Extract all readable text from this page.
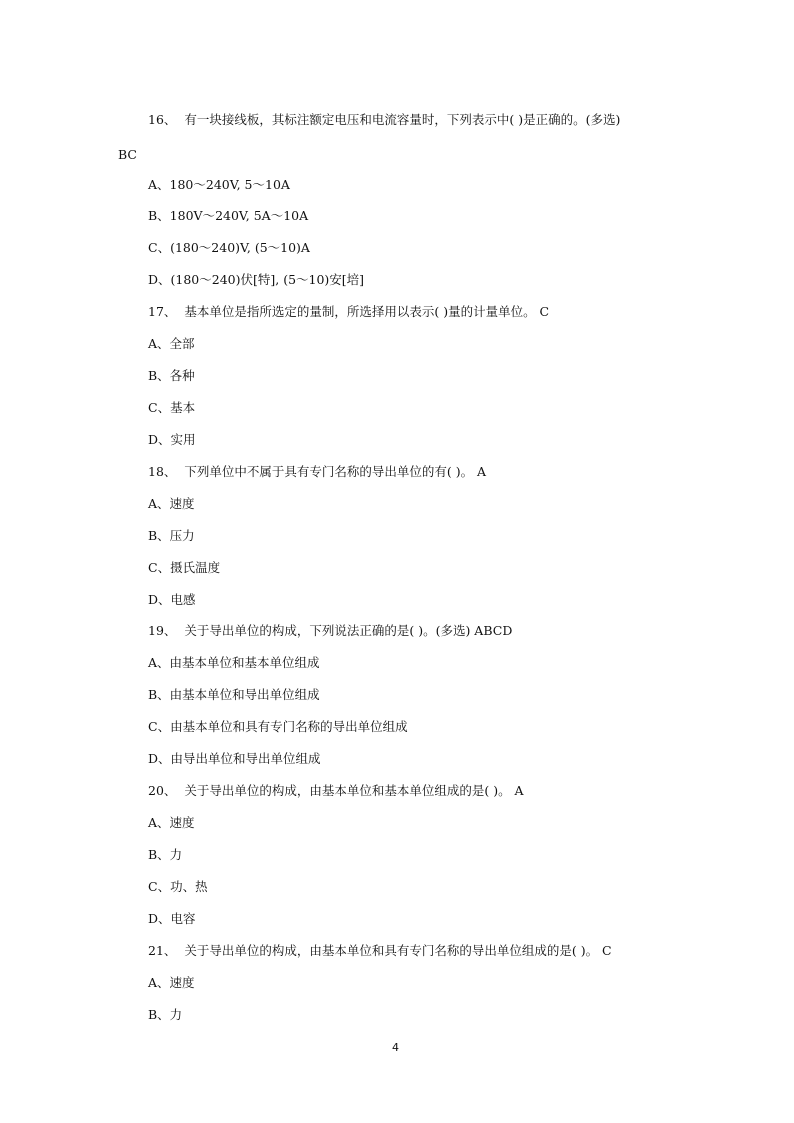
16、  有一块接线板，其标注额定电压和电流容量时，下列表示中( )是正确的。(多选)
BC
A、180～240V, 5～10A
B、180V～240V, 5A～10A
C、(180～240)V, (5～10)A
D、(180～240)伏[特], (5～10)安[培]
17、  基本单位是指所选定的量制，所选择用以表示( )量的计量单位。 C
A、全部
B、各种
C、基本
D、实用
18、  下列单位中不属于具有专门名称的导出单位的有( )。 A
A、速度
B、压力
C、摄氏温度
D、电感
19、  关于导出单位的构成，下列说法正确的是( )。(多选) ABCD
A、由基本单位和基本单位组成
B、由基本单位和导出单位组成
C、由基本单位和具有专门名称的导出单位组成
D、由导出单位和导出单位组成
20、  关于导出单位的构成，由基本单位和基本单位组成的是( )。 A
A、速度
B、力
C、功、热
D、电容
21、  关于导出单位的构成，由基本单位和具有专门名称的导出单位组成的是( )。 C
A、速度
B、力
4
